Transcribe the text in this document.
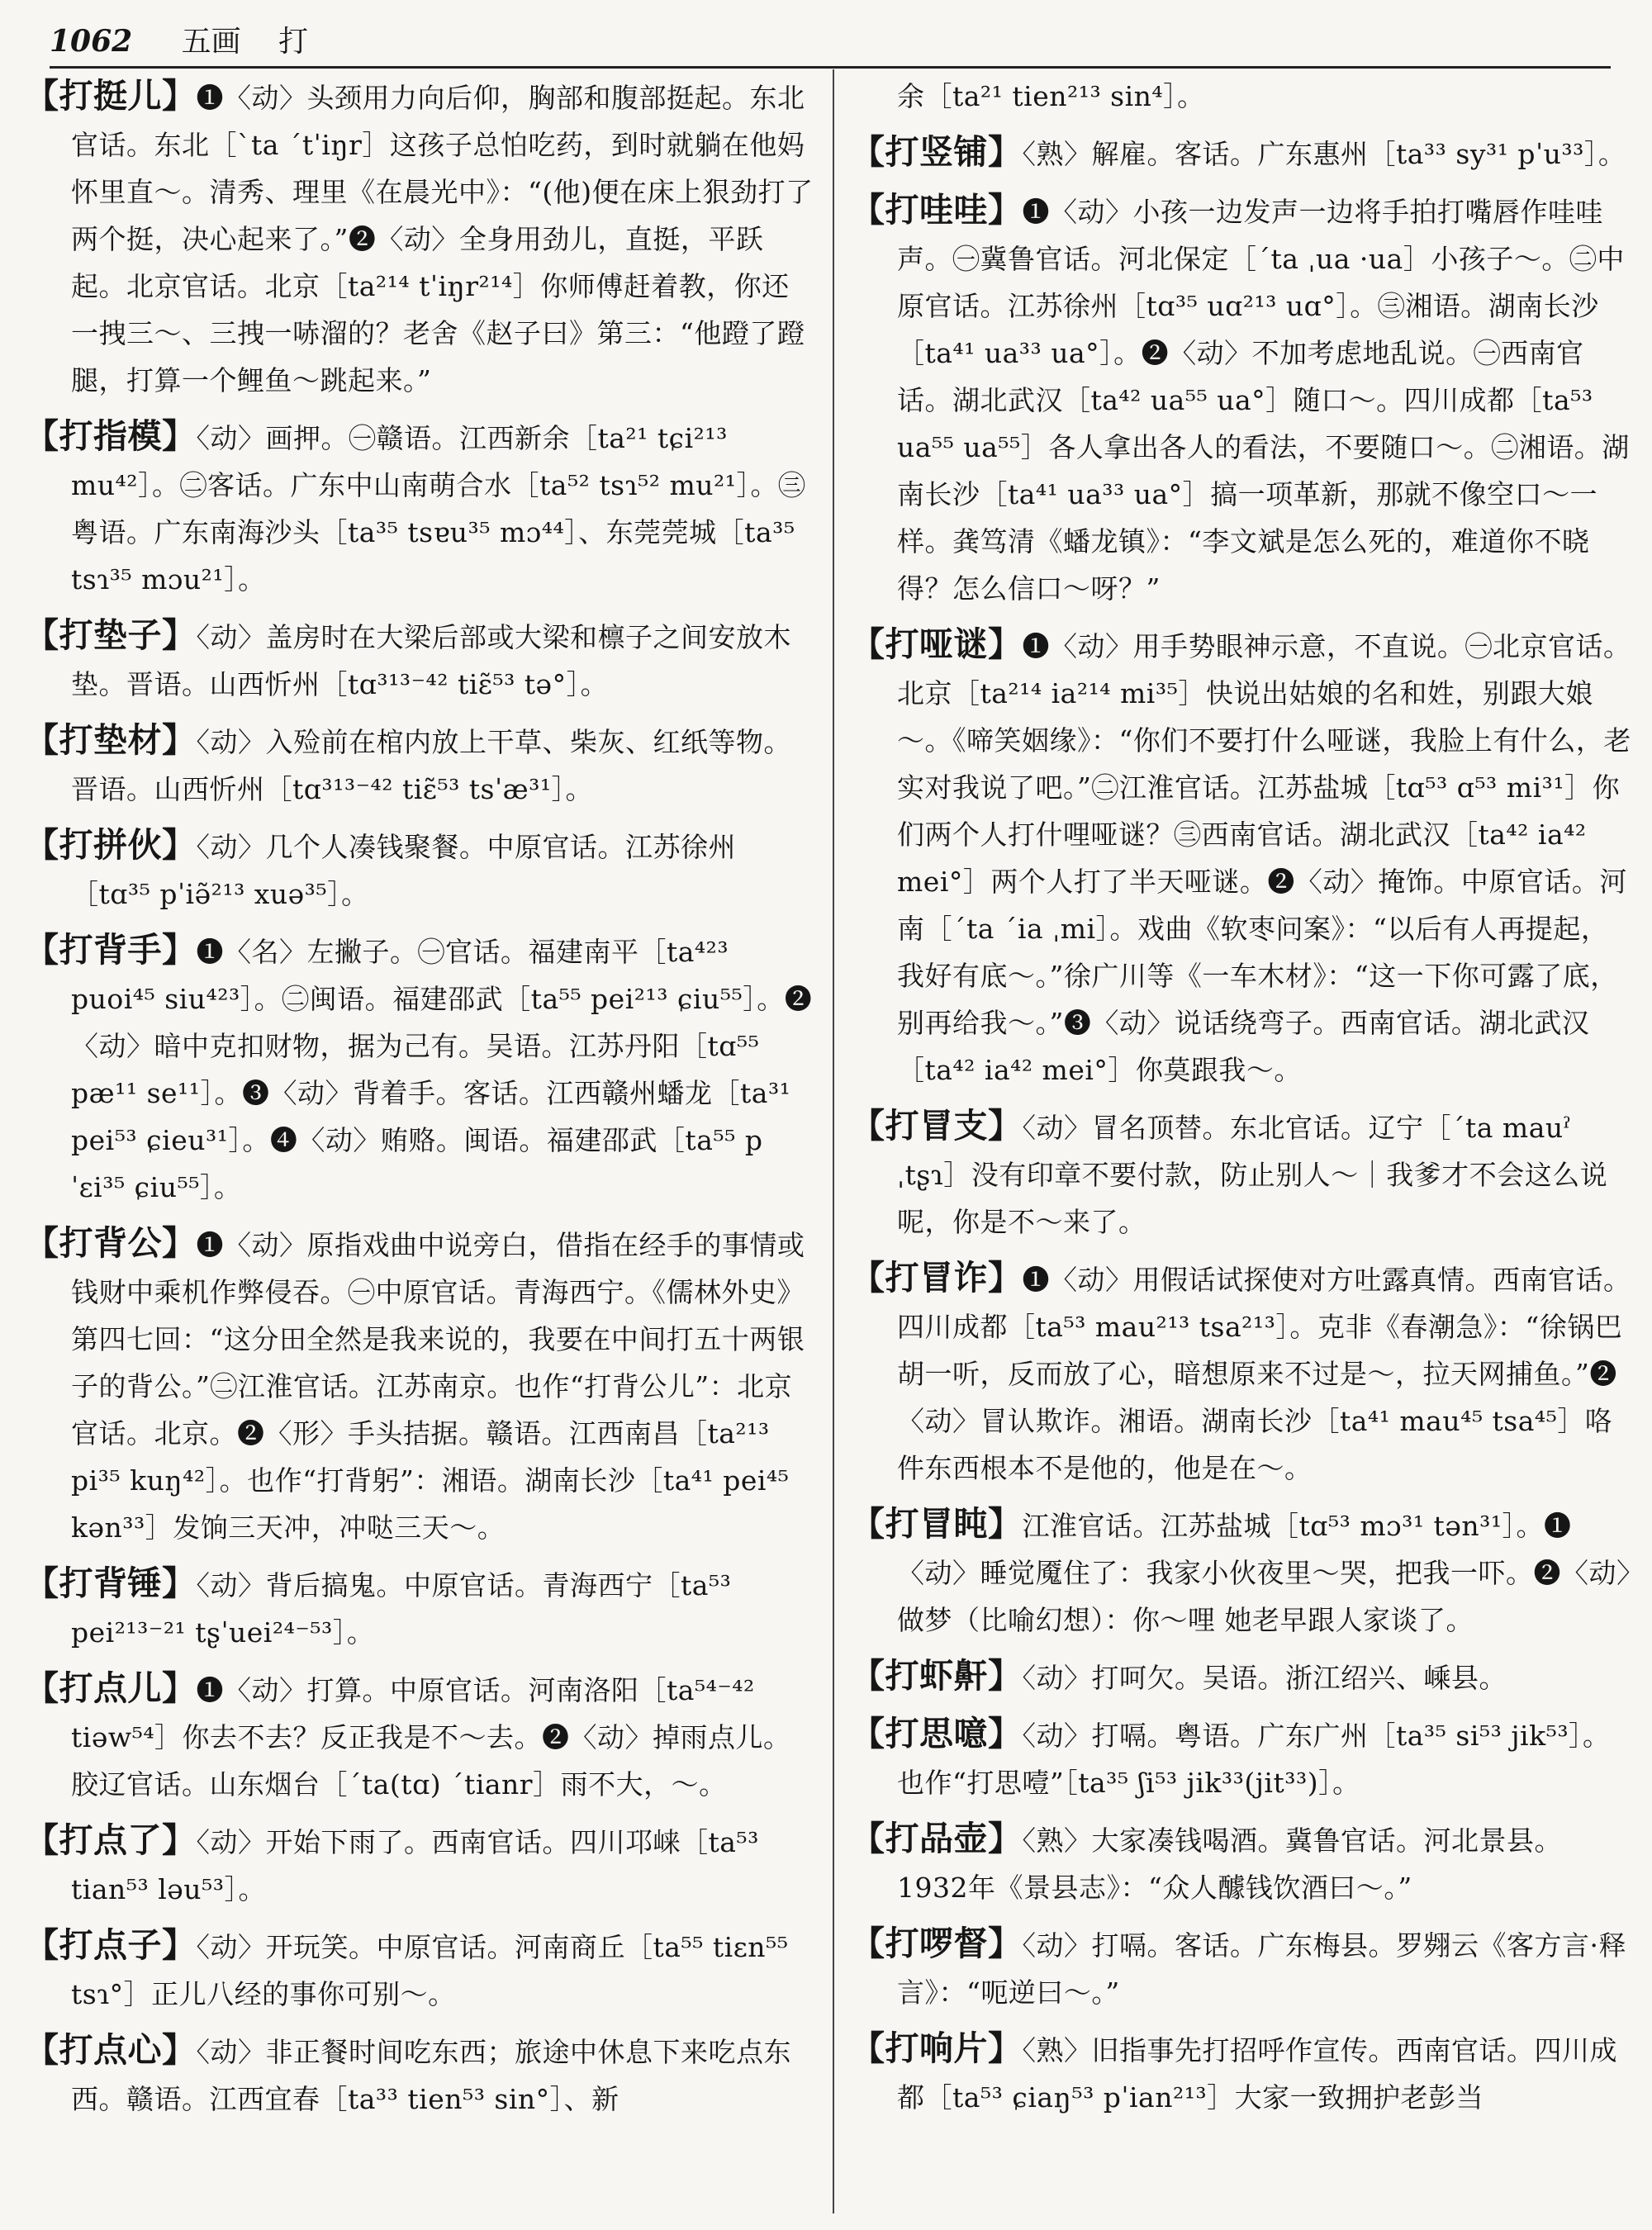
1062 五画 打
【打挺儿】❶〈动〉头颈用力向后仰，胸部和腹部挺起。东北官话。东北［ˋta ˊtˈiŋr］这孩子总怕吃药，到时就躺在他妈怀里直～。清秀、理里《在晨光中》：“(他)便在床上狠劲打了两个挺，决心起来了。”❷〈动〉全身用劲儿，直挺，平跃起。北京官话。北京［ta²¹⁴ tˈiŋr²¹⁴］你师傅赶着教，你还一拽三～、三拽一哧溜的？老舍《赵子曰》第三：“他蹬了蹬腿，打算一个鲤鱼～跳起来。”
【打指模】〈动〉画押。㊀赣语。江西新余［ta²¹ tɕi²¹³ mu⁴²］。㊁客话。广东中山南萌合水［ta⁵² tsɿ⁵² mu²¹］。㊂粤语。广东南海沙头［ta³⁵ tsɐu³⁵ mɔ⁴⁴］、东莞莞城［ta³⁵ tsɿ³⁵ mɔu²¹］。
【打垫子】〈动〉盖房时在大梁后部或大梁和檩子之间安放木垫。晋语。山西忻州［tɑ³¹³⁻⁴² tiɛ̃⁵³ tə°］。
【打垫材】〈动〉入殓前在棺内放上干草、柴灰、红纸等物。晋语。山西忻州［tɑ³¹³⁻⁴² tiɛ̃⁵³ tsˈæ³¹］。
【打拼伙】〈动〉几个人凑钱聚餐。中原官话。江苏徐州［tɑ³⁵ pˈiə̃²¹³ xuə³⁵］。
【打背手】❶〈名〉左撇子。㊀官话。福建南平［ta⁴²³ puoi⁴⁵ siu⁴²³］。㊁闽语。福建邵武［ta⁵⁵ pei²¹³ ɕiu⁵⁵］。❷〈动〉暗中克扣财物，据为己有。吴语。江苏丹阳［tɑ⁵⁵ pæ¹¹ se¹¹］。❸〈动〉背着手。客话。江西赣州蟠龙［ta³¹ pei⁵³ ɕieu³¹］。❹〈动〉贿赂。闽语。福建邵武［ta⁵⁵ pˈɛi³⁵ ɕiu⁵⁵］。
【打背公】❶〈动〉原指戏曲中说旁白，借指在经手的事情或钱财中乘机作弊侵吞。㊀中原官话。青海西宁。《儒林外史》第四七回：“这分田全然是我来说的，我要在中间打五十两银子的背公。”㊁江淮官话。江苏南京。也作“打背公儿”：北京官话。北京。❷〈形〉手头拮据。赣语。江西南昌［ta²¹³ pi³⁵ kuŋ⁴²］。也作“打背躬”：湘语。湖南长沙［ta⁴¹ pei⁴⁵ kən³³］发饷三天冲，冲哒三天～。
【打背锤】〈动〉背后搞鬼。中原官话。青海西宁［ta⁵³ pei²¹³⁻²¹ tʂˈuei²⁴⁻⁵³］。
【打点儿】❶〈动〉打算。中原官话。河南洛阳［ta⁵⁴⁻⁴² tiəw⁵⁴］你去不去？反正我是不～去。❷〈动〉掉雨点儿。胶辽官话。山东烟台［ˊta(tɑ) ˊtianr］雨不大，～。
【打点了】〈动〉开始下雨了。西南官话。四川邛崃［ta⁵³ tian⁵³ ləu⁵³］。
【打点子】〈动〉开玩笑。中原官话。河南商丘［ta⁵⁵ tiɛn⁵⁵ tsɿ°］正儿八经的事你可别～。
【打点心】〈动〉非正餐时间吃东西；旅途中休息下来吃点东西。赣语。江西宜春［ta³³ tien⁵³ sin°］、新
余［ta²¹ tien²¹³ sin⁴］。
【打竖铺】〈熟〉解雇。客话。广东惠州［ta³³ sy³¹ pˈu³³］。
【打哇哇】❶〈动〉小孩一边发声一边将手拍打嘴唇作哇哇声。㊀冀鲁官话。河北保定［ˊta ˌua ·ua］小孩子～。㊁中原官话。江苏徐州［tɑ³⁵ uɑ²¹³ uɑ°］。㊂湘语。湖南长沙［ta⁴¹ ua³³ ua°］。❷〈动〉不加考虑地乱说。㊀西南官话。湖北武汉［ta⁴² ua⁵⁵ ua°］随口～。四川成都［ta⁵³ ua⁵⁵ ua⁵⁵］各人拿出各人的看法，不要随口～。㊁湘语。湖南长沙［ta⁴¹ ua³³ ua°］搞一项革新，那就不像空口～一样。龚笃清《蟠龙镇》：“李文斌是怎么死的，难道你不晓得？怎么信口～呀？”
【打哑谜】❶〈动〉用手势眼神示意，不直说。㊀北京官话。北京［ta²¹⁴ ia²¹⁴ mi³⁵］快说出姑娘的名和姓，别跟大娘～。《啼笑姻缘》：“你们不要打什么哑谜，我脸上有什么，老实对我说了吧。”㊁江淮官话。江苏盐城［tɑ⁵³ ɑ⁵³ mi³¹］你们两个人打什哩哑谜？㊂西南官话。湖北武汉［ta⁴² ia⁴² mei°］两个人打了半天哑谜。❷〈动〉掩饰。中原官话。河南［ˊta ˊia ˌmi］。戏曲《软枣问案》：“以后有人再提起，我好有底～。”徐广川等《一车木材》：“这一下你可露了底，别再给我～。”❸〈动〉说话绕弯子。西南官话。湖北武汉［ta⁴² ia⁴² mei°］你莫跟我～。
【打冒支】〈动〉冒名顶替。东北官话。辽宁［ˊta mauˀ ˌtʂɿ］没有印章不要付款，防止别人～｜我爹才不会这么说呢，你是不～来了。
【打冒诈】❶〈动〉用假话试探使对方吐露真情。西南官话。四川成都［ta⁵³ mau²¹³ tsa²¹³］。克非《春潮急》：“徐锅巴胡一听，反而放了心，暗想原来不过是～，拉天网捕鱼。”❷〈动〉冒认欺诈。湘语。湖南长沙［ta⁴¹ mau⁴⁵ tsa⁴⁵］咯件东西根本不是他的，他是在～。
【打冒盹】江淮官话。江苏盐城［tɑ⁵³ mɔ³¹ tən³¹］。❶〈动〉睡觉魇住了：我家小伙夜里～哭，把我一吓。❷〈动〉做梦（比喻幻想）：你～哩 她老早跟人家谈了。
【打虾鼾】〈动〉打呵欠。吴语。浙江绍兴、嵊县。
【打思噫】〈动〉打嗝。粤语。广东广州［ta³⁵ si⁵³ jik⁵³］。也作“打思噎”［ta³⁵ ʃi⁵³ jik³³(jit³³)］。
【打品壶】〈熟〉大家凑钱喝酒。冀鲁官话。河北景县。1932年《景县志》：“众人醵钱饮酒曰～。”
【打啰督】〈动〉打嗝。客话。广东梅县。罗翙云《客方言·释言》：“呃逆曰～。”
【打响片】〈熟〉旧指事先打招呼作宣传。西南官话。四川成都［ta⁵³ ɕiaŋ⁵³ pˈian²¹³］大家一致拥护老彭当
